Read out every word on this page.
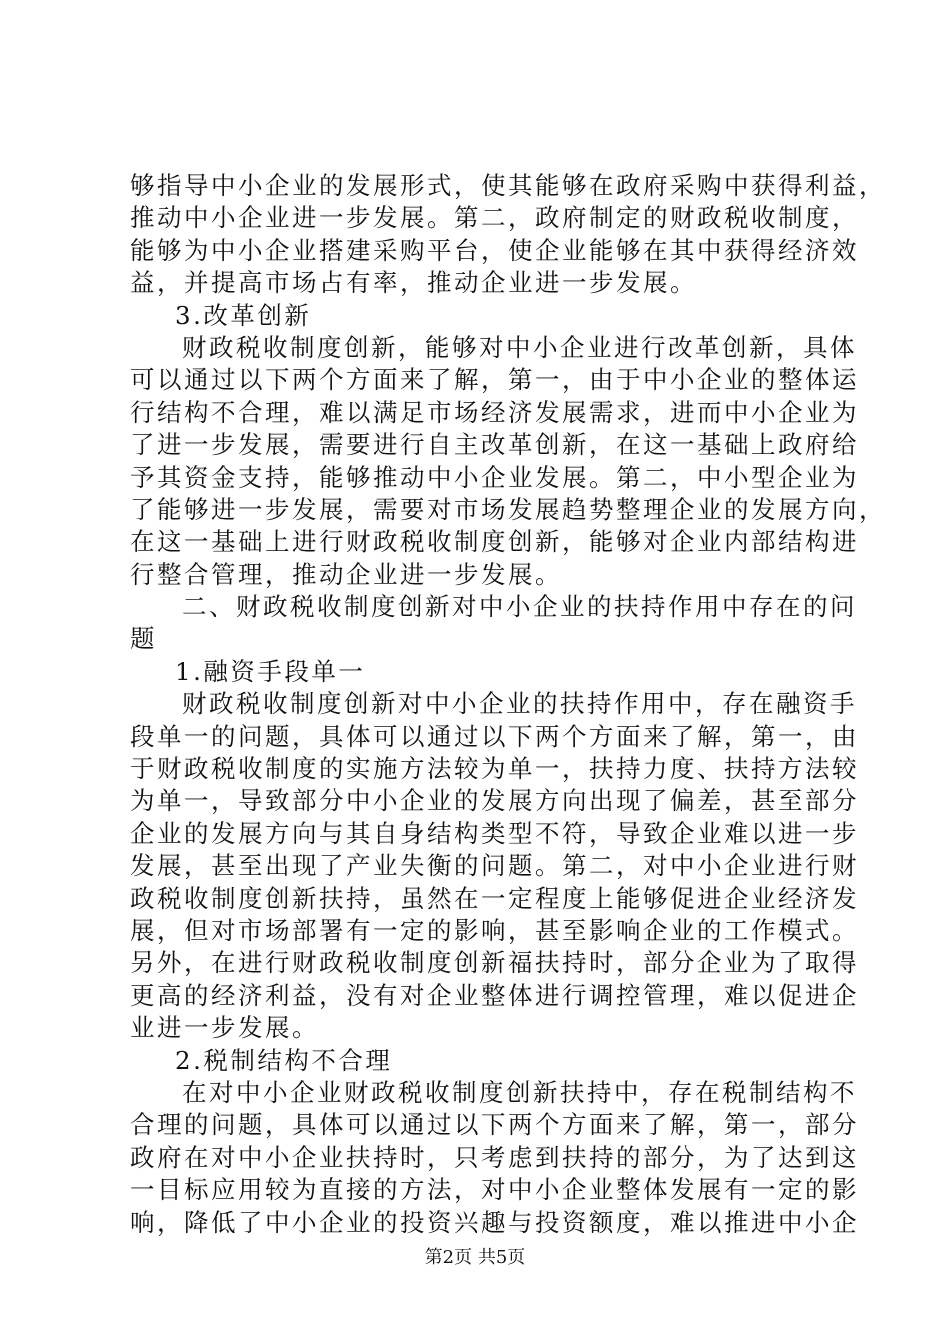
够指导中小企业的发展形式，使其能够在政府采购中获得利益，
推动中小企业进一步发展。第二，政府制定的财政税收制度，
能够为中小企业搭建采购平台，使企业能够在其中获得经济效
益，并提高市场占有率，推动企业进一步发展。
3.改革创新
财政税收制度创新，能够对中小企业进行改革创新，具体
可以通过以下两个方面来了解，第一，由于中小企业的整体运
行结构不合理，难以满足市场经济发展需求，进而中小企业为
了进一步发展，需要进行自主改革创新，在这一基础上政府给
予其资金支持，能够推动中小企业发展。第二，中小型企业为
了能够进一步发展，需要对市场发展趋势整理企业的发展方向，
在这一基础上进行财政税收制度创新，能够对企业内部结构进
行整合管理，推动企业进一步发展。
二、财政税收制度创新对中小企业的扶持作用中存在的问
题
1.融资手段单一
财政税收制度创新对中小企业的扶持作用中，存在融资手
段单一的问题，具体可以通过以下两个方面来了解，第一，由
于财政税收制度的实施方法较为单一，扶持力度、扶持方法较
为单一，导致部分中小企业的发展方向出现了偏差，甚至部分
企业的发展方向与其自身结构类型不符，导致企业难以进一步
发展，甚至出现了产业失衡的问题。第二，对中小企业进行财
政税收制度创新扶持，虽然在一定程度上能够促进企业经济发
展，但对市场部署有一定的影响，甚至影响企业的工作模式。
另外，在进行财政税收制度创新福扶持时，部分企业为了取得
更高的经济利益，没有对企业整体进行调控管理，难以促进企
业进一步发展。
2.税制结构不合理
在对中小企业财政税收制度创新扶持中，存在税制结构不
合理的问题，具体可以通过以下两个方面来了解，第一，部分
政府在对中小企业扶持时，只考虑到扶持的部分，为了达到这
一目标应用较为直接的方法，对中小企业整体发展有一定的影
响，降低了中小企业的投资兴趣与投资额度，难以推进中小企
第2页 共5页
